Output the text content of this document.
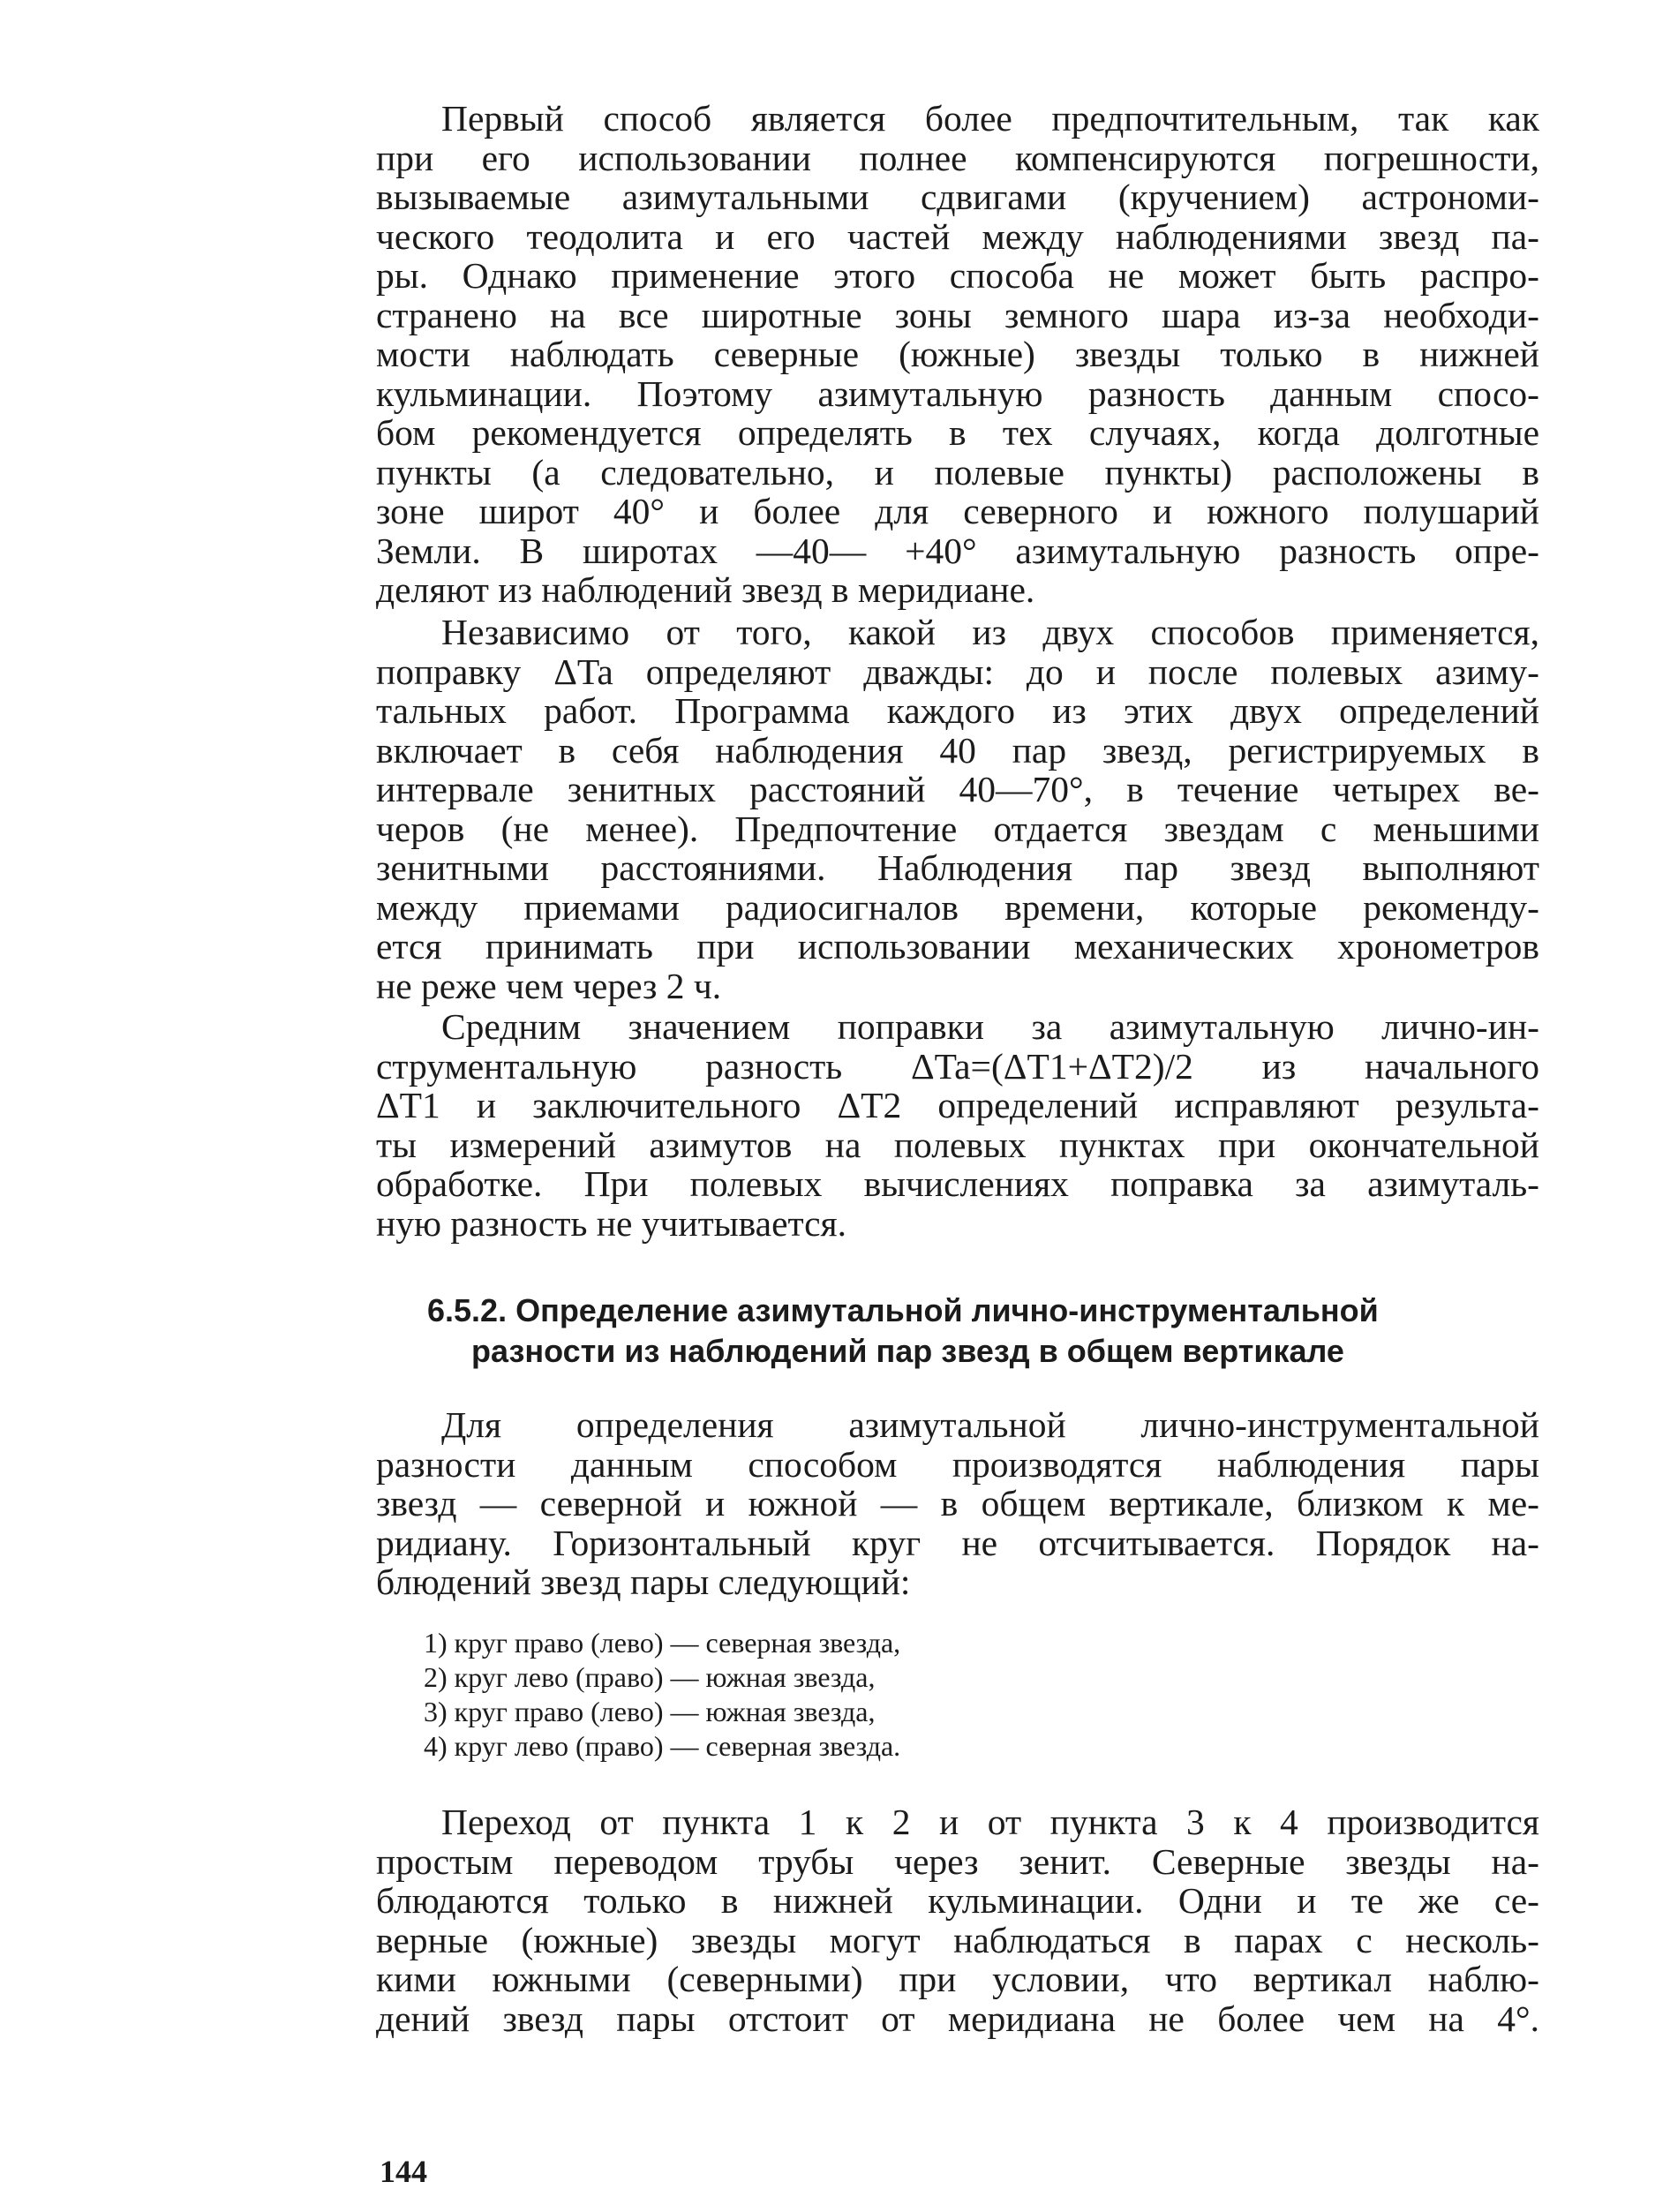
Первый способ является более предпочтительным, так как
при его использовании полнее компенсируются погрешности,
вызываемые азимутальными сдвигами (кручением) астрономи-
ческого теодолита и его частей между наблюдениями звезд па-
ры. Однако применение этого способа не может быть распро-
странено на все широтные зоны земного шара из-за необходи-
мости наблюдать северные (южные) звезды только в нижней
кульминации. Поэтому азимутальную разность данным спосо-
бом рекомендуется определять в тех случаях, когда долготные
пункты (а следовательно, и полевые пункты) расположены в
зоне широт 40° и более для северного и южного полушарий
Земли. В широтах —40— +40° азимутальную разность опре-
деляют из наблюдений звезд в меридиане.

Независимо от того, какой из двух способов применяется,
поправку ΔTa определяют дважды: до и после полевых азиму-
тальных работ. Программа каждого из этих двух определений
включает в себя наблюдения 40 пар звезд, регистрируемых в
интервале зенитных расстояний 40—70°, в течение четырех ве-
черов (не менее). Предпочтение отдается звездам с меньшими
зенитными расстояниями. Наблюдения пар звезд выполняют
между приемами радиосигналов времени, которые рекоменду-
ется принимать при использовании механических хронометров
не реже чем через 2 ч.

Средним значением поправки за азимутальную лично-ин-
струментальную разность ΔTa=(ΔT1+ΔT2)/2 из начального
ΔT1 и заключительного ΔT2 определений исправляют результа-
ты измерений азимутов на полевых пунктах при окончательной
обработке. При полевых вычислениях поправка за азимуталь-
ную разность не учитывается.

6.5.2. Определение азимутальной лично-инструментальной
разности из наблюдений пар звезд в общем вертикале

Для определения азимутальной лично-инструментальной
разности данным способом производятся наблюдения пары
звезд — северной и южной — в общем вертикале, близком к ме-
ридиану. Горизонтальный круг не отсчитывается. Порядок на-
блюдений звезд пары следующий:

1) круг право (лево) — северная звезда,
2) круг лево (право) — южная звезда,
3) круг право (лево) — южная звезда,
4) круг лево (право) — северная звезда.

Переход от пункта 1 к 2 и от пункта 3 к 4 производится
простым переводом трубы через зенит. Северные звезды на-
блюдаются только в нижней кульминации. Одни и те же се-
верные (южные) звезды могут наблюдаться в парах с несколь-
кими южными (северными) при условии, что вертикал наблю-
дений звезд пары отстоит от меридиана не более чем на 4°.

144
